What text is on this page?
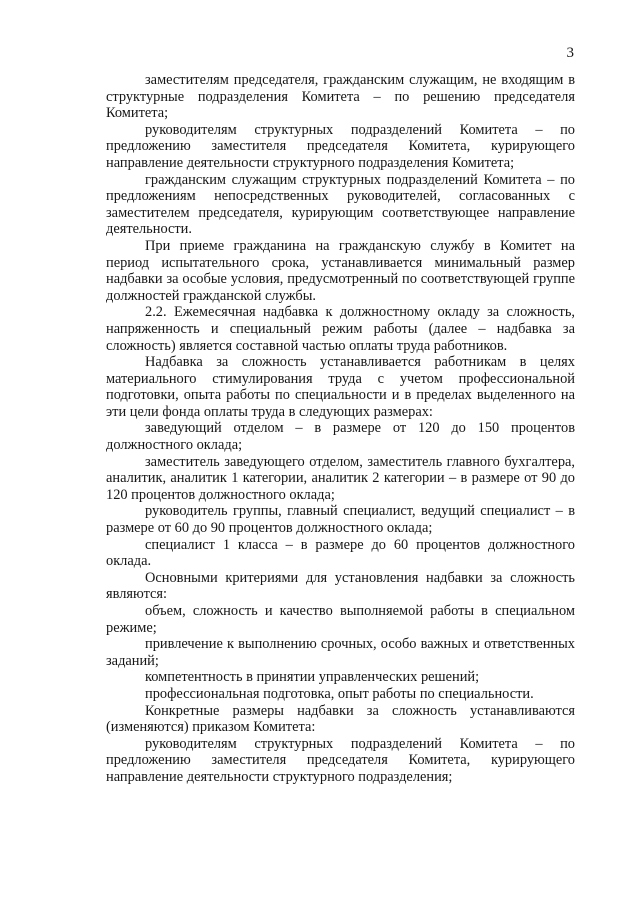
3

заместителям председателя, гражданским служащим, не входящим в структурные подразделения Комитета – по решению председателя Комитета;

руководителям структурных подразделений Комитета – по предложению заместителя председателя Комитета, курирующего направление деятельности структурного подразделения Комитета;

гражданским служащим структурных подразделений Комитета – по предложениям непосредственных руководителей, согласованных с заместителем председателя, курирующим соответствующее направление деятельности.

При приеме гражданина на гражданскую службу в Комитет на период испытательного срока, устанавливается минимальный размер надбавки за особые условия, предусмотренный по соответствующей группе должностей гражданской службы.

2.2. Ежемесячная надбавка к должностному окладу за сложность, напряженность и специальный режим работы (далее – надбавка за сложность) является составной частью оплаты труда работников.

Надбавка за сложность устанавливается работникам в целях материального стимулирования труда с учетом профессиональной подготовки, опыта работы по специальности и в пределах выделенного на эти цели фонда оплаты труда в следующих размерах:

заведующий отделом – в размере от 120 до 150 процентов должностного оклада;

заместитель заведующего отделом, заместитель главного бухгалтера, аналитик, аналитик 1 категории, аналитик 2 категории – в размере от 90 до 120 процентов должностного оклада;

руководитель группы, главный специалист, ведущий специалист – в размере от 60 до 90 процентов должностного оклада;

специалист 1 класса – в размере до 60 процентов должностного оклада.

Основными критериями для установления надбавки за сложность являются:

объем, сложность и качество выполняемой работы в специальном режиме;

привлечение к выполнению срочных, особо важных и ответственных заданий;

компетентность в принятии управленческих решений;

профессиональная подготовка, опыт работы по специальности.

Конкретные размеры надбавки за сложность устанавливаются (изменяются) приказом Комитета:

руководителям структурных подразделений Комитета – по предложению заместителя председателя Комитета, курирующего направление деятельности структурного подразделения;
